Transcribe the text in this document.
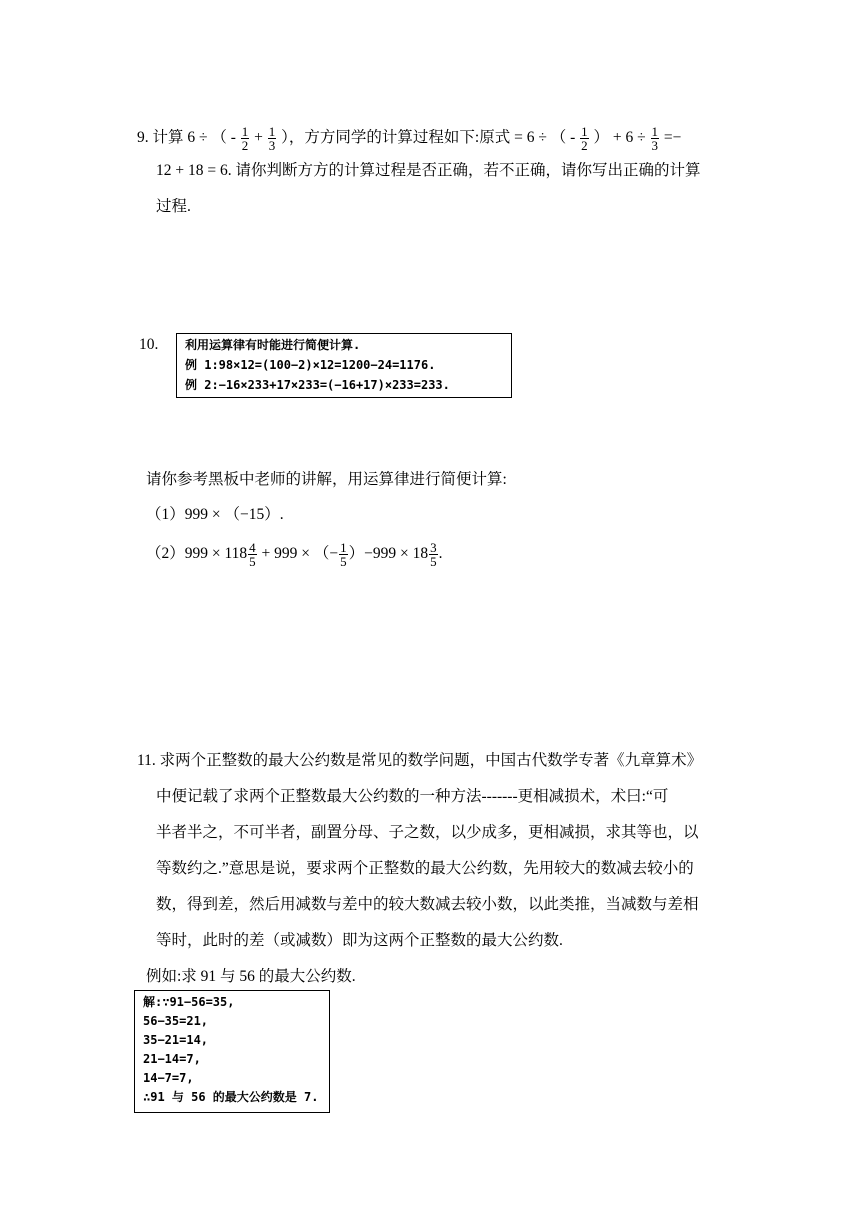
9. 计算 6 ÷ （ - $\frac{1}{2} + \frac{1}{3}$ ），方方同学的计算过程如下:原式 = 6 ÷ （ - $\frac{1}{2}$ ） + $6 \div \frac{1}{3}$ =−
12 + 18 = 6. 请你判断方方的计算过程是否正确，若不正确，请你写出正确的计算
过程.
10. 利用运算律有时能进行简便计算.
例 1:98×12=(100−2)×12=1200−24=1176.
例 2:−16×233+17×233=(−16+17)×233=233.
请你参考黑板中老师的讲解，用运算律进行简便计算:
（1）999 × （−15）.
$(2)999 \times 118 \frac{4}{5} + 999$ × （− $\frac{1}{5} )-999 \times 18 \frac{3}{5}$ .
11. 求两个正整数的最大公约数是常见的数学问题，中国古代数学专著《九章算术》
中便记载了求两个正整数最大公约数的一种方法-------更相减损术，术曰:“可
半者半之，不可半者，副置分母、子之数，以少成多，更相减损，求其等也，以
等数约之.”意思是说，要求两个正整数的最大公约数，先用较大的数减去较小的
数，得到差，然后用减数与差中的较大数减去较小数，以此类推，当减数与差相
等时，此时的差（或减数）即为这两个正整数的最大公约数.
例如:求 91 与 56 的最大公约数.
解:∵91−56=35,
56−35=21,
35−21=14,
21−14=7,
14−7=7,
∴91 与 56 的最大公约数是 7.
